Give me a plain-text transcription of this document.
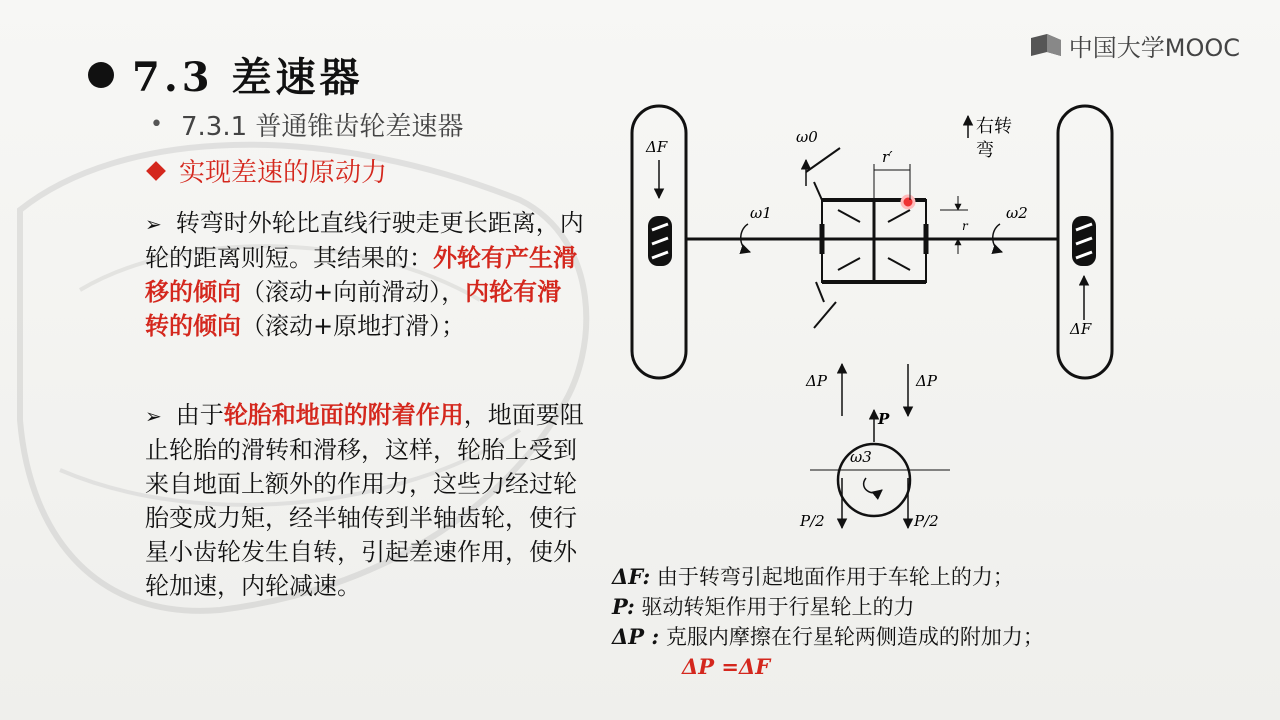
中国大学MOOC
7.3 差速器
• 7.3.1 普通锥齿轮差速器
实现差速的原动力
➢ 转弯时外轮比直线行驶走更长距离，内轮的距离则短。其结果的：外轮有产生滑移的倾向（滚动+向前滑动），内轮有滑转的倾向（滚动+原地打滑）；
➢ 由于轮胎和地面的附着作用，地面要阻止轮胎的滑转和滑移，这样，轮胎上受到来自地面上额外的作用力，这些力经过轮胎变成力矩，经半轴传到半轴齿轮，使行星小齿轮发生自转，引起差速作用，使外轮加速，内轮减速。
ΔF
ΔF
ω1	ω2
ω0
r′
r
右转
弯
ΔP	ΔP
P
ω3
P/2	P/2
ΔF: 由于转弯引起地面作用于车轮上的力；
P: 驱动转矩作用于行星轮上的力
ΔP : 克服内摩擦在行星轮两侧造成的附加力；
ΔP =ΔF
